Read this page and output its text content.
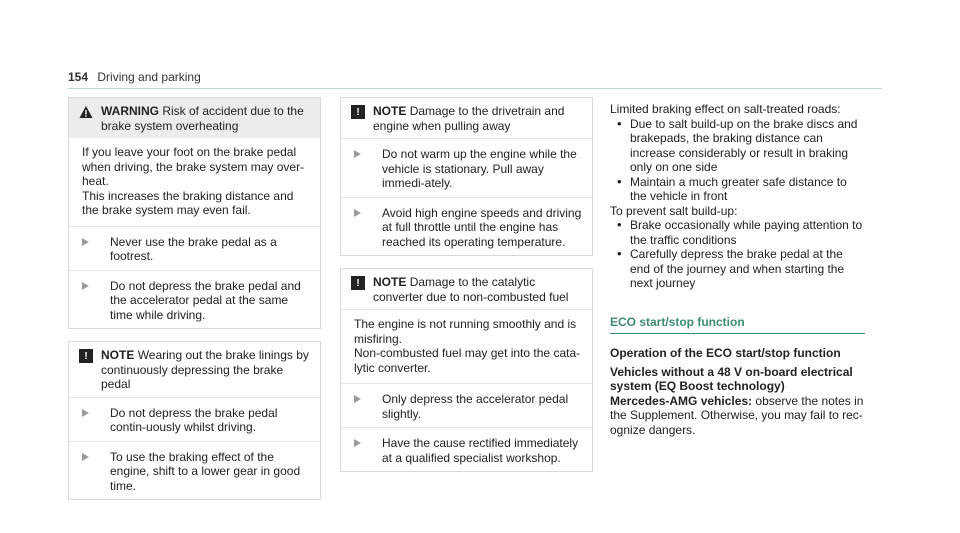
154 Driving and parking
WARNING Risk of accident due to the brake system overheating

If you leave your foot on the brake pedal when driving, the brake system may over-heat.

This increases the braking distance and the brake system may even fail.

Never use the brake pedal as a footrest.
Do not depress the brake pedal and the accelerator pedal at the same time while driving.
!	NOTE Wearing out the brake linings by continuously depressing the brake pedal
Do not depress the brake pedal contin-uously whilst driving.
To use the braking effect of the engine, shift to a lower gear in good time.
!	NOTE Damage to the drivetrain and engine when pulling away
Do not warm up the engine while the vehicle is stationary. Pull away immedi-ately.
Avoid high engine speeds and driving at full throttle until the engine has reached its operating temperature.
!	NOTE Damage to the catalytic converter due to non-combusted fuel

The engine is not running smoothly and is misfiring.

Non-combusted fuel may get into the cata-lytic converter.

Only depress the accelerator pedal slightly.
Have the cause rectified immediately at a qualified specialist workshop.

Limited braking effect on salt-treated roads:

• Due to salt build-up on the brake discs and brakepads, the braking distance can increase considerably or result in braking only on one side
• Maintain a much greater safe distance to the vehicle in front

To prevent salt build-up:

• Brake occasionally while paying attention to the traffic conditions
• Carefully depress the brake pedal at the end of the journey and when starting the next journey

ECO start/stop function

Operation of the ECO start/stop function

Vehicles without a 48 V on-board electrical system (EQ Boost technology)

Mercedes-AMG vehicles: observe the notes in the Supplement. Otherwise, you may fail to rec-ognize dangers.
